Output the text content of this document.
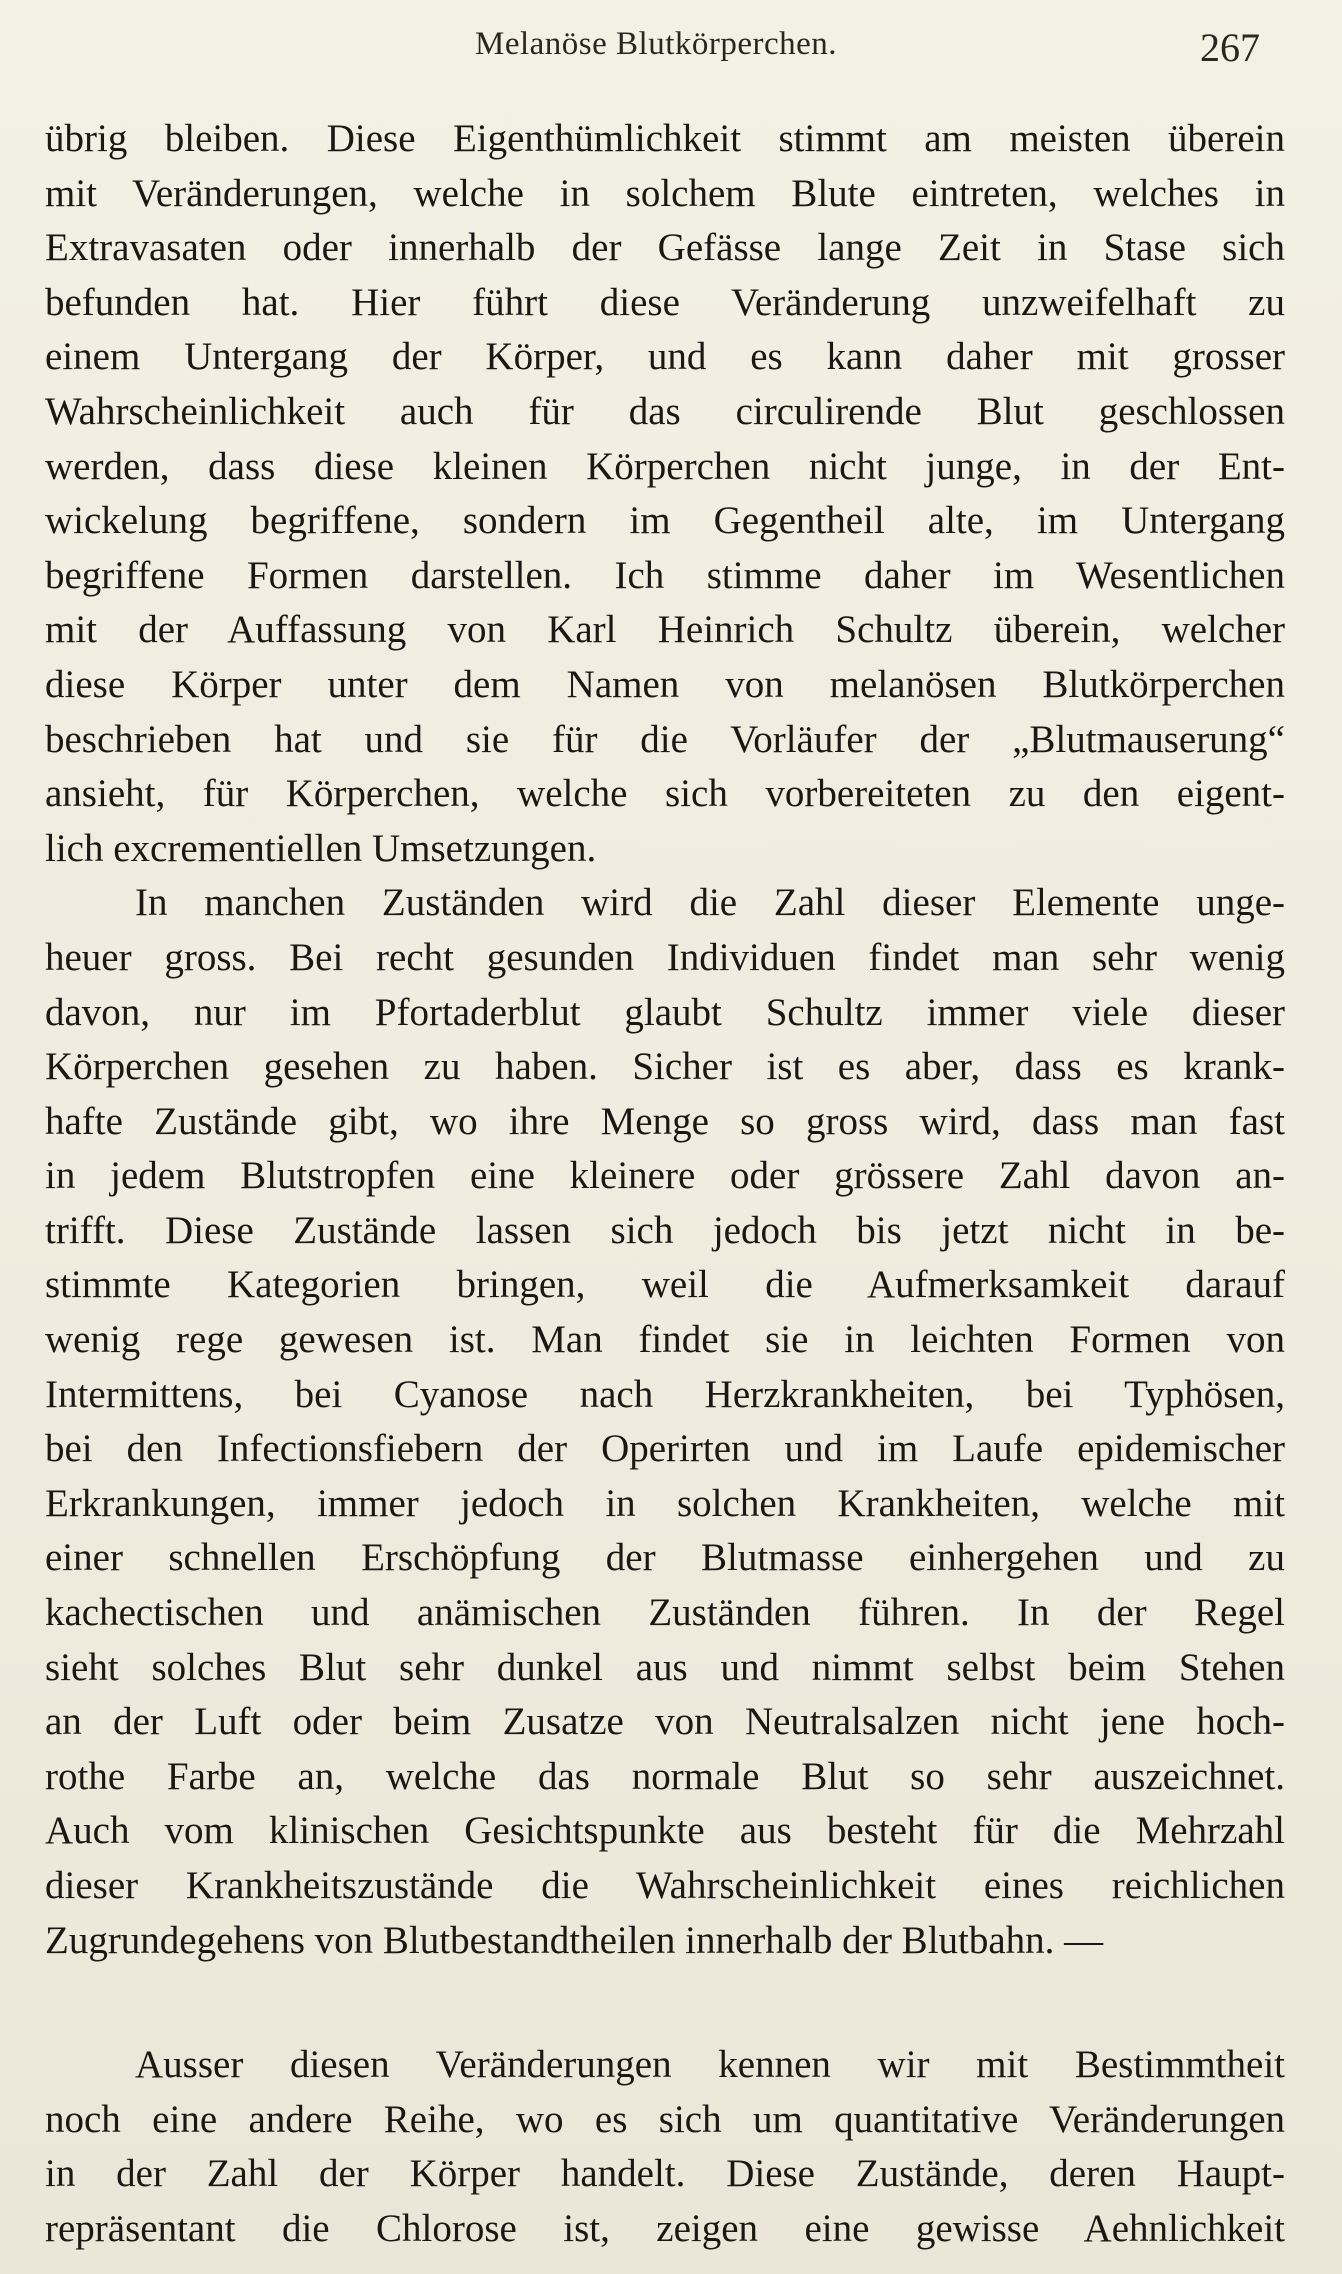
Melanöse Blutkörperchen.	267
übrig bleiben. Diese Eigenthümlichkeit stimmt am meisten überein
mit Veränderungen, welche in solchem Blute eintreten, welches in
Extravasaten oder innerhalb der Gefässe lange Zeit in Stase sich
befunden hat. Hier führt diese Veränderung unzweifelhaft zu
einem Untergang der Körper, und es kann daher mit grosser
Wahrscheinlichkeit auch für das circulirende Blut geschlossen
werden, dass diese kleinen Körperchen nicht junge, in der Ent-
wickelung begriffene, sondern im Gegentheil alte, im Untergang
begriffene Formen darstellen. Ich stimme daher im Wesentlichen
mit der Auffassung von Karl Heinrich Schultz überein, welcher
diese Körper unter dem Namen von melanösen Blutkörperchen
beschrieben hat und sie für die Vorläufer der „Blutmauserung“
ansieht, für Körperchen, welche sich vorbereiteten zu den eigent-
lich excrementiellen Umsetzungen.
In manchen Zuständen wird die Zahl dieser Elemente unge-
heuer gross. Bei recht gesunden Individuen findet man sehr wenig
davon, nur im Pfortaderblut glaubt Schultz immer viele dieser
Körperchen gesehen zu haben. Sicher ist es aber, dass es krank-
hafte Zustände gibt, wo ihre Menge so gross wird, dass man fast
in jedem Blutstropfen eine kleinere oder grössere Zahl davon an-
trifft. Diese Zustände lassen sich jedoch bis jetzt nicht in be-
stimmte Kategorien bringen, weil die Aufmerksamkeit darauf
wenig rege gewesen ist. Man findet sie in leichten Formen von
Intermittens, bei Cyanose nach Herzkrankheiten, bei Typhösen,
bei den Infectionsfiebern der Operirten und im Laufe epidemischer
Erkrankungen, immer jedoch in solchen Krankheiten, welche mit
einer schnellen Erschöpfung der Blutmasse einhergehen und zu
kachectischen und anämischen Zuständen führen. In der Regel
sieht solches Blut sehr dunkel aus und nimmt selbst beim Stehen
an der Luft oder beim Zusatze von Neutralsalzen nicht jene hoch-
rothe Farbe an, welche das normale Blut so sehr auszeichnet.
Auch vom klinischen Gesichtspunkte aus besteht für die Mehrzahl
dieser Krankheitszustände die Wahrscheinlichkeit eines reichlichen
Zugrundegehens von Blutbestandtheilen innerhalb der Blutbahn. —
Ausser diesen Veränderungen kennen wir mit Bestimmtheit
noch eine andere Reihe, wo es sich um quantitative Veränderungen
in der Zahl der Körper handelt. Diese Zustände, deren Haupt-
repräsentant die Chlorose ist, zeigen eine gewisse Aehnlichkeit
